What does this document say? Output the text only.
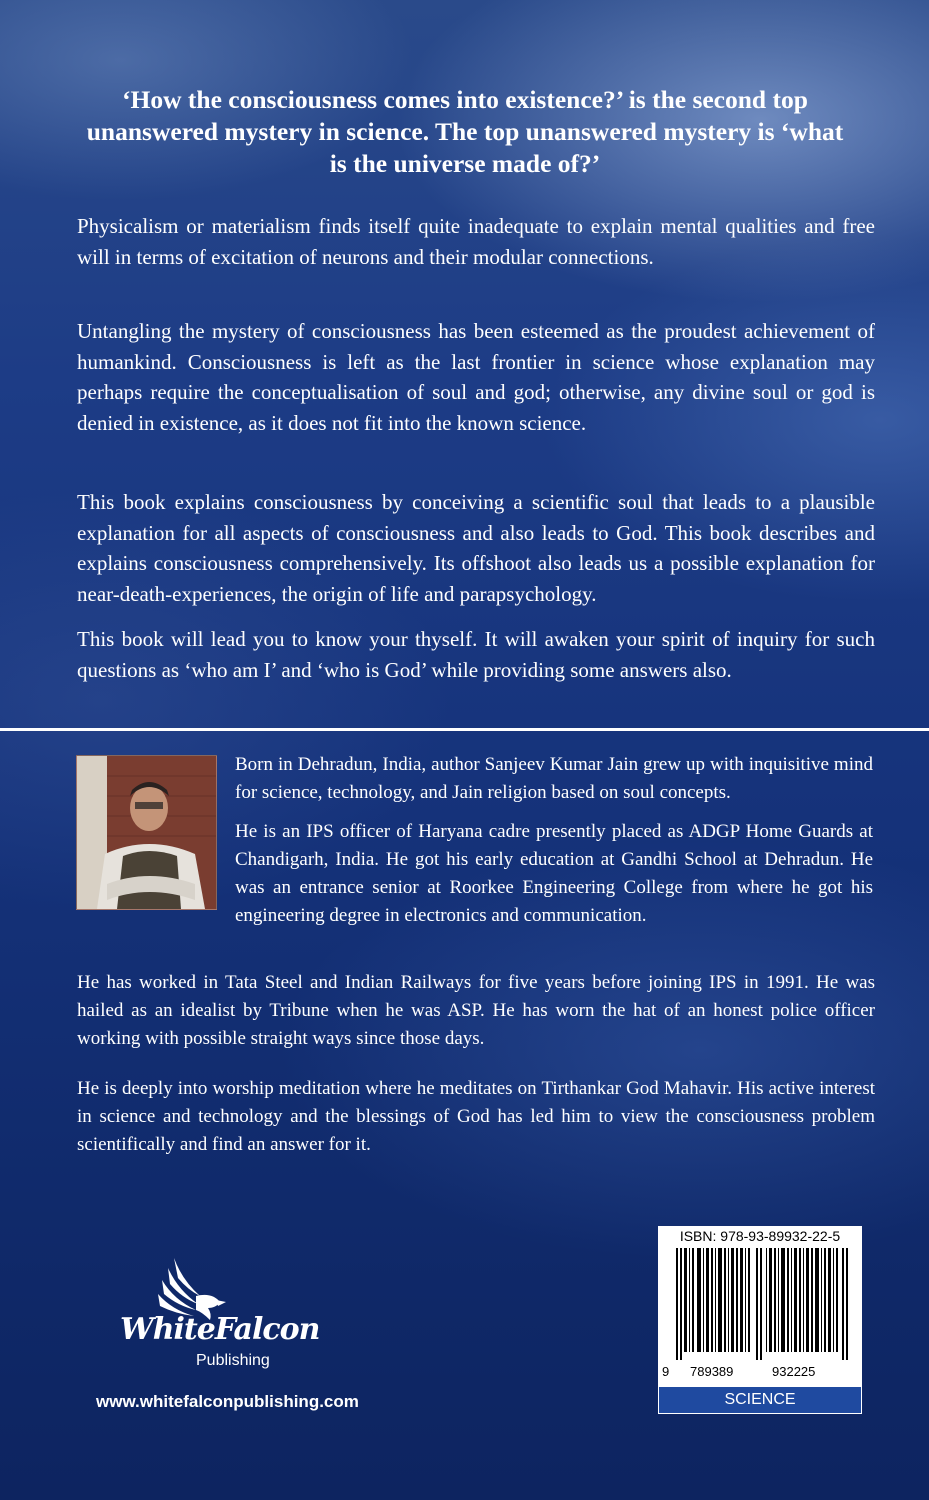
‘How the consciousness comes into existence?’ is the second top unanswered mystery in science. The top unanswered mystery is ‘what is the universe made of?’
Physicalism or materialism finds itself quite inadequate to explain mental qualities and free will in terms of excitation of neurons and their modular connections.
Untangling the mystery of consciousness has been esteemed as the proudest achievement of humankind. Consciousness is left as the last frontier in science whose explanation may perhaps require the conceptualisation of soul and god; otherwise, any divine soul or god is denied in existence, as it does not fit into the known science.
This book explains consciousness by conceiving a scientific soul that leads to a plausible explanation for all aspects of consciousness and also leads to God. This book describes and explains consciousness comprehensively. Its offshoot also leads us a possible explanation for near-death-experiences, the origin of life and parapsychology.
This book will lead you to know your thyself. It will awaken your spirit of inquiry for such questions as ‘who am I’ and ‘who is God’ while providing some answers also.
Born in Dehradun, India, author Sanjeev Kumar Jain grew up with inquisitive mind for science, technology, and Jain religion based on soul concepts.
He is an IPS officer of Haryana cadre presently placed as ADGP Home Guards at Chandigarh, India. He got his early education at Gandhi School at Dehradun. He was an entrance senior at Roorkee Engineering College from where he got his engineering degree in electronics and communication.
He has worked in Tata Steel and Indian Railways for five years before joining IPS in 1991. He was hailed as an idealist by Tribune when he was ASP. He has worn the hat of an honest police officer working with possible straight ways since those days.
He is deeply into worship meditation where he meditates on Tirthankar God Mahavir. His active interest in science and technology and the blessings of God has led him to view the consciousness problem scientifically and find an answer for it.
WhiteFalcon
Publishing
www.whitefalconpublishing.com
ISBN: 978-93-89932-22-5
9 789389	932225
SCIENCE
